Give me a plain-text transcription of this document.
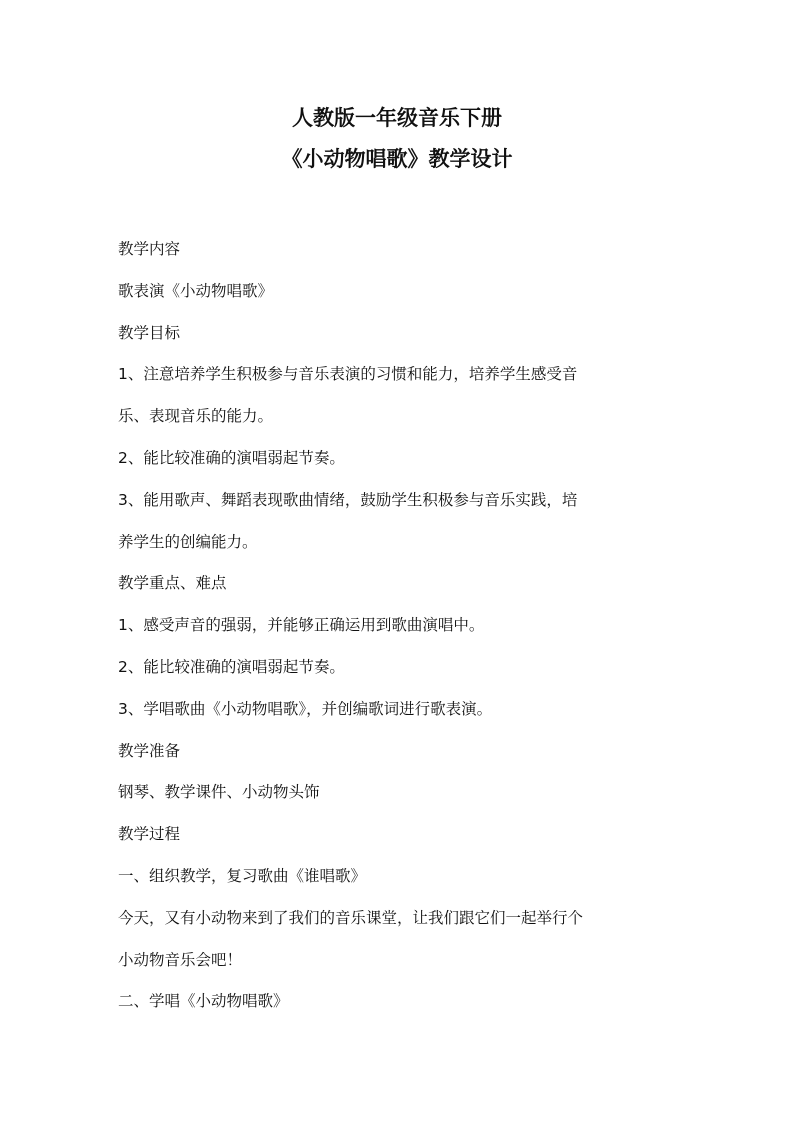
人教版一年级音乐下册
《小动物唱歌》教学设计
教学内容
歌表演《小动物唱歌》
教学目标
1、注意培养学生积极参与音乐表演的习惯和能力，培养学生感受音
乐、表现音乐的能力。
2、能比较准确的演唱弱起节奏。
3、能用歌声、舞蹈表现歌曲情绪，鼓励学生积极参与音乐实践，培
养学生的创编能力。
教学重点、难点
1、感受声音的强弱，并能够正确运用到歌曲演唱中。
2、能比较准确的演唱弱起节奏。
3、学唱歌曲《小动物唱歌》，并创编歌词进行歌表演。
教学准备
钢琴、教学课件、小动物头饰
教学过程
一、组织教学，复习歌曲《谁唱歌》
今天，又有小动物来到了我们的音乐课堂，让我们跟它们一起举行个
小动物音乐会吧！
二、学唱《小动物唱歌》
